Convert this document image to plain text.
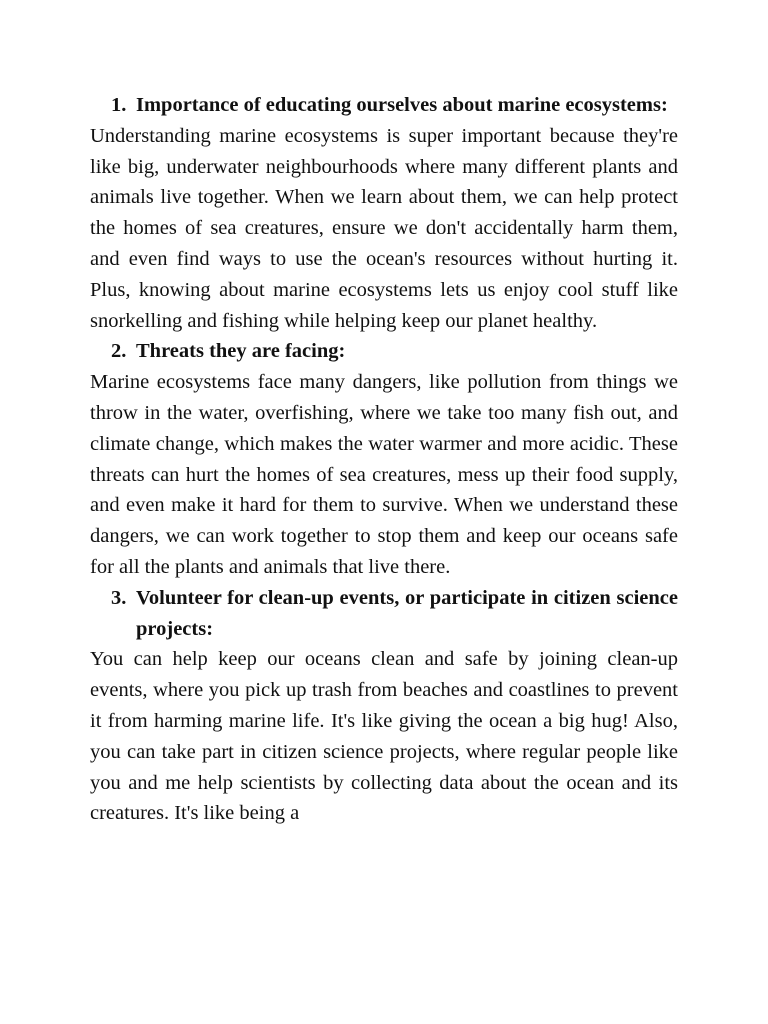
1. Importance of educating ourselves about marine ecosystems:

Understanding marine ecosystems is super important because they're like big, underwater neighbourhoods where many different plants and animals live together. When we learn about them, we can help protect the homes of sea creatures, ensure we don't accidentally harm them, and even find ways to use the ocean's resources without hurting it. Plus, knowing about marine ecosystems lets us enjoy cool stuff like snorkelling and fishing while helping keep our planet healthy.

2. Threats they are facing:

Marine ecosystems face many dangers, like pollution from things we throw in the water, overfishing, where we take too many fish out, and climate change, which makes the water warmer and more acidic. These threats can hurt the homes of sea creatures, mess up their food supply, and even make it hard for them to survive. When we understand these dangers, we can work together to stop them and keep our oceans safe for all the plants and animals that live there.

3. Volunteer for clean-up events, or participate in citizen science projects:

You can help keep our oceans clean and safe by joining clean-up events, where you pick up trash from beaches and coastlines to prevent it from harming marine life. It's like giving the ocean a big hug! Also, you can take part in citizen science projects, where regular people like you and me help scientists by collecting data about the ocean and its creatures. It's like being a
